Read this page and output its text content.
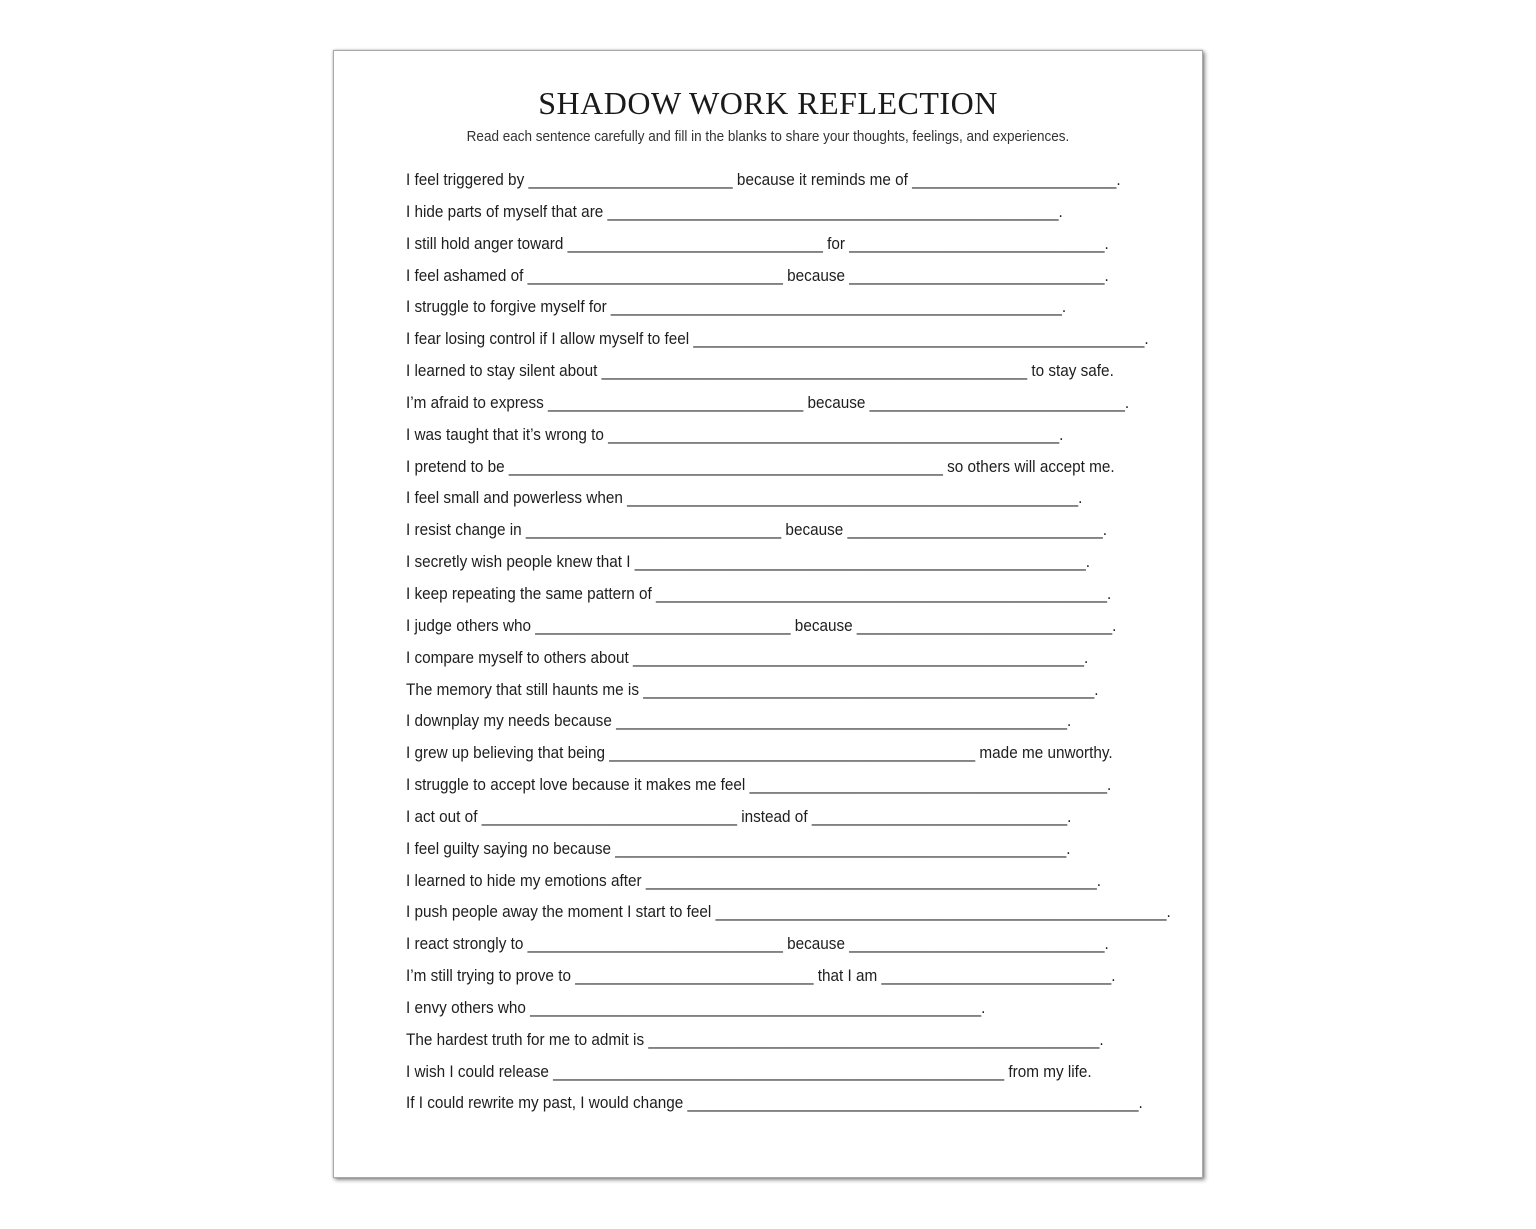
SHADOW WORK REFLECTION

Read each sentence carefully and fill in the blanks to share your thoughts, feelings, and experiences.

I feel triggered by ________________________ because it reminds me of ________________________.
I hide parts of myself that are _____________________________________________________.
I still hold anger toward ______________________________ for ______________________________.
I feel ashamed of ______________________________ because ______________________________.
I struggle to forgive myself for _____________________________________________________.
I fear losing control if I allow myself to feel _____________________________________________________.
I learned to stay silent about __________________________________________________ to stay safe.
I’m afraid to express ______________________________ because ______________________________.
I was taught that it’s wrong to _____________________________________________________.
I pretend to be ___________________________________________________ so others will accept me.
I feel small and powerless when _____________________________________________________.
I resist change in ______________________________ because ______________________________.
I secretly wish people knew that I _____________________________________________________.
I keep repeating the same pattern of _____________________________________________________.
I judge others who ______________________________ because ______________________________.
I compare myself to others about _____________________________________________________.
The memory that still haunts me is _____________________________________________________.
I downplay my needs because _____________________________________________________.
I grew up believing that being ___________________________________________ made me unworthy.
I struggle to accept love because it makes me feel __________________________________________.
I act out of ______________________________ instead of ______________________________.
I feel guilty saying no because _____________________________________________________.
I learned to hide my emotions after _____________________________________________________.
I push people away the moment I start to feel _____________________________________________________.
I react strongly to ______________________________ because ______________________________.
I’m still trying to prove to ____________________________ that I am ___________________________.
I envy others who _____________________________________________________.
The hardest truth for me to admit is _____________________________________________________.
I wish I could release _____________________________________________________ from my life.
If I could rewrite my past, I would change _____________________________________________________.
